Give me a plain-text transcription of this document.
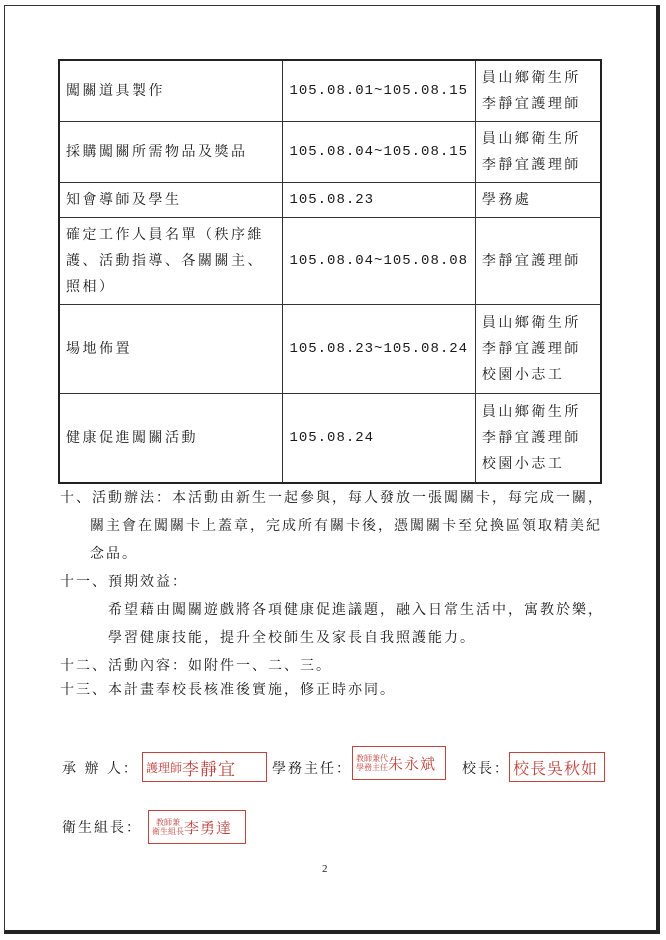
闖關道具製作	105.08.01~105.08.15	員山鄉衛生所
李靜宜護理師

採購闖關所需物品及獎品	105.08.04~105.08.15	員山鄉衛生所
李靜宜護理師

知會導師及學生	105.08.23	學務處

確定工作人員名單（秩序維
護、活動指導、各關關主、
照相）	105.08.04~105.08.08	李靜宜護理師

場地佈置	105.08.23~105.08.24	員山鄉衛生所
李靜宜護理師
校園小志工

健康促進闖關活動	105.08.24	員山鄉衛生所
李靜宜護理師
校園小志工
十、活動辦法：本活動由新生一起參與，每人發放一張闖關卡，每完成一關，
關主會在闖關卡上蓋章，完成所有關卡後，憑闖關卡至兌換區領取精美紀
念品。
十一、預期效益：
希望藉由闖關遊戲將各項健康促進議題，融入日常生活中，寓教於樂，
學習健康技能，提升全校師生及家長自我照護能力。
十二、活動內容：如附件一、二、三。
十三、本計畫奉校長核准後實施，修正時亦同。
承 辦 人： 護理師 李靜宜	學務主任：
教師兼代
學務主任 朱永斌 校長： 校長吳秋如
衛生組長：	教師兼
衛生組長 李勇達
2
